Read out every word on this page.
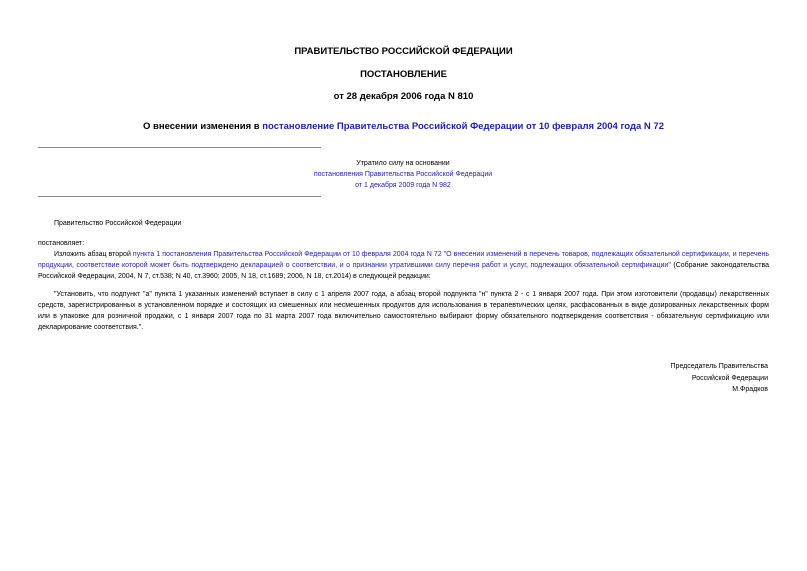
ПРАВИТЕЛЬСТВО РОССИЙСКОЙ ФЕДЕРАЦИИ
ПОСТАНОВЛЕНИЕ
от 28 декабря 2006 года N 810
О внесении изменения в постановление Правительства Российской Федерации от 10 февраля 2004 года N 72
Утратило силу на основании
постановления Правительства Российской Федерации
от 1 декабря 2009 года N 982
Правительство Российской Федерации
постановляет:
Изложить абзац второй пункта 1 постановления Правительства Российской Федерации от 10 февраля 2004 года N 72 "О внесении изменений в перечень товаров, подлежащих обязательной сертификации, и перечень продукции, соответствие которой может быть подтверждено декларацией о соответствии, и о признании утратившими силу перечня работ и услуг, подлежащих обязательной сертификации" (Собрание законодательства Российской Федерации, 2004, N 7, ст.538; N 40, ст.3960; 2005, N 18, ст.1689; 2006, N 18, ст.2014) в следующей редакции:
"Установить, что подпункт "а" пункта 1 указанных изменений вступает в силу с 1 апреля 2007 года, а абзац второй подпункта "н" пункта 2 - с 1 января 2007 года. При этом изготовители (продавцы) лекарственных средств, зарегистрированных в установленном порядке и состоящих из смешенных или несмешенных продуктов для использования в терапевтических целях, расфасованных в виде дозированных лекарственных форм или в упаковке для розничной продажи, с 1 января 2007 года по 31 марта 2007 года включительно самостоятельно выбирают форму обязательного подтверждения соответствия - обязательную сертификацию или декларирование соответствия.".
Председатель Правительства
Российской Федерации
М.Фрадков
